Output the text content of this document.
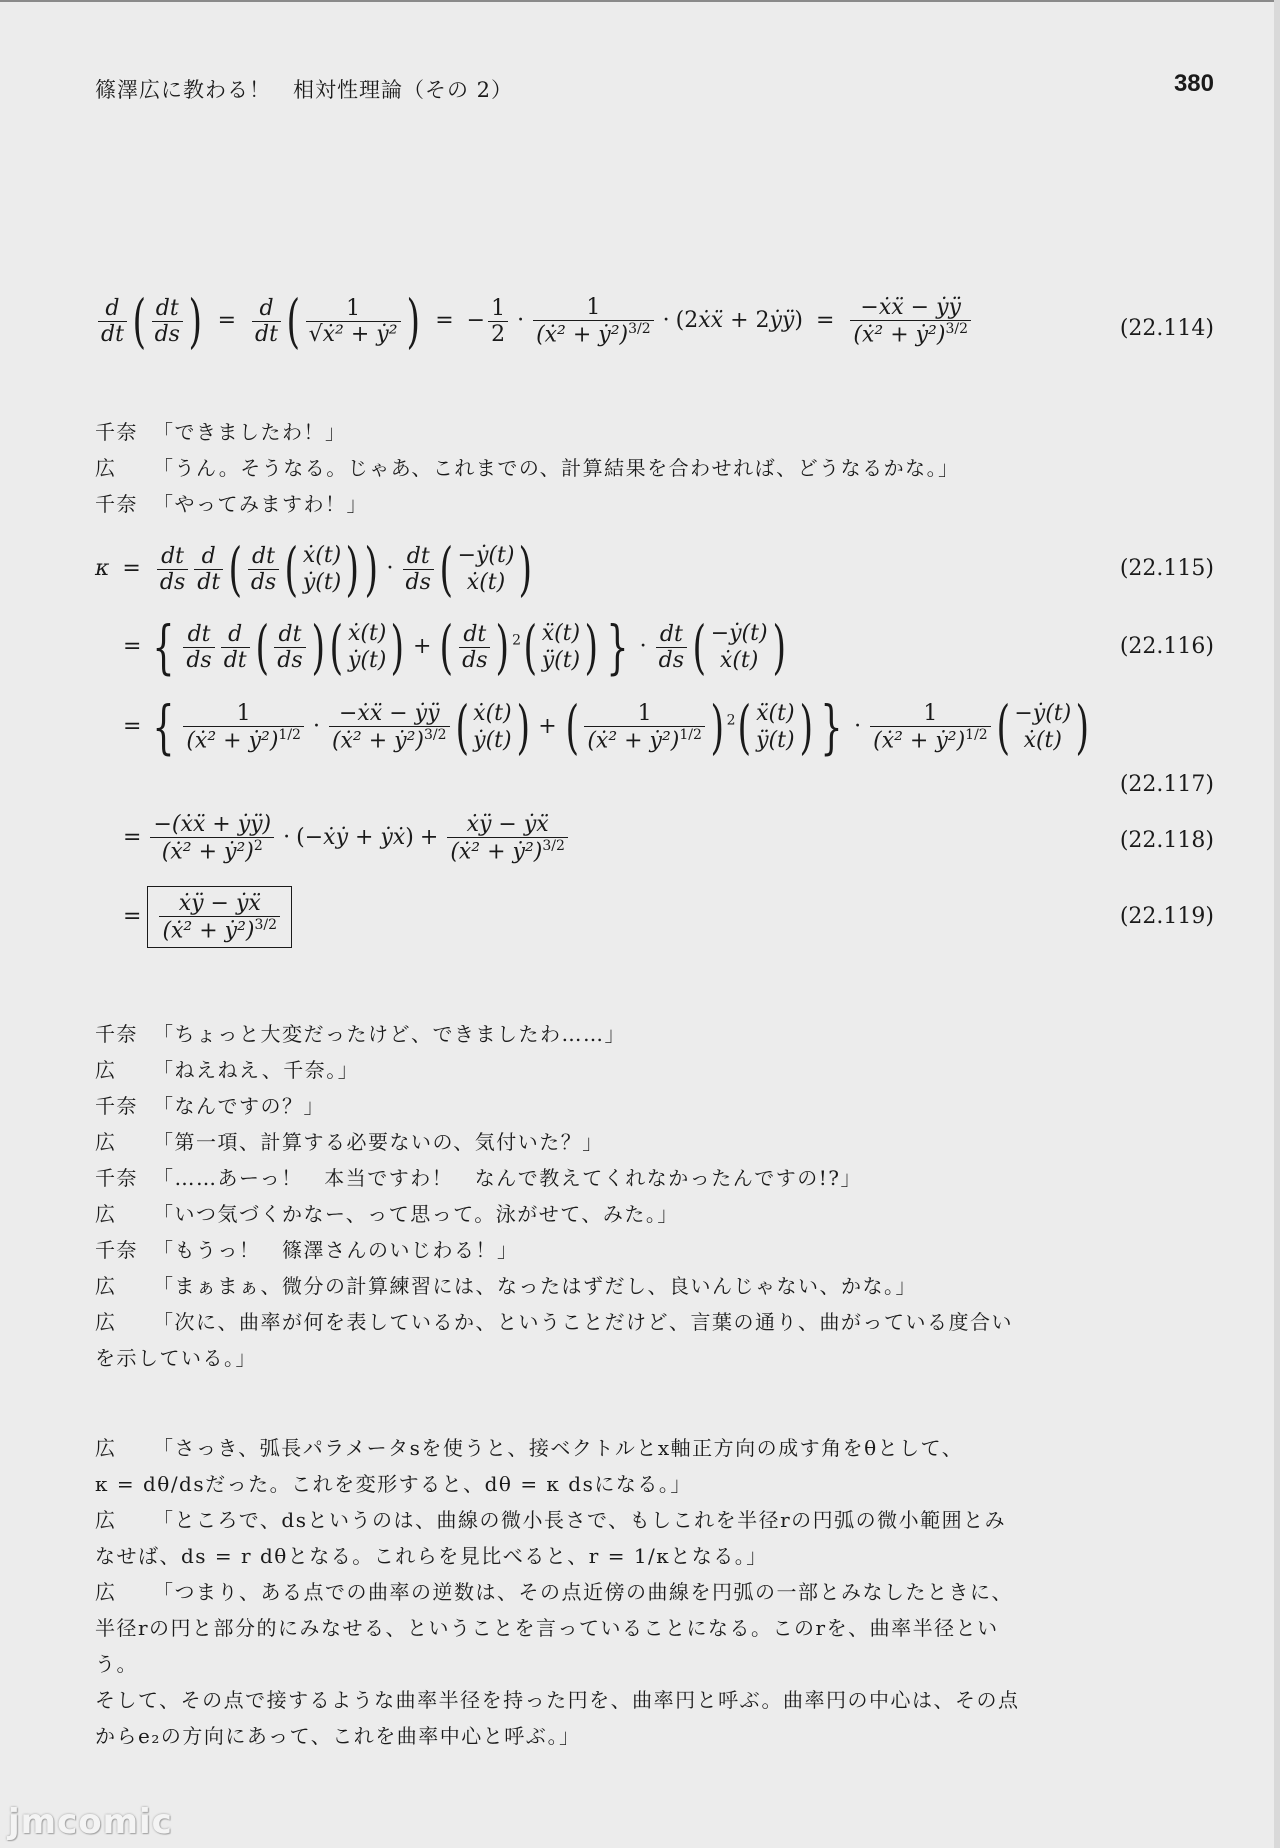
篠澤広に教わる！　相対性理論（その 2）	380
$\frac{d}{dt}$ ( $\frac{dt}{ds}$ ) = $\frac{d}{dt}$ ( $\frac{1}{\text{√ẋ² + ẏ²}}$ ) = − $\frac{1}{2} \cdot \frac{1}{(ẋ^2 + ẏ^2)^{3/2}}$ · (2ẋẍ + 2ẏÿ) = $\frac{\text{−ẋẍ − ẏÿ}}{(ẋ^2 + ẏ^2)^{3/2}}$	(22.114)
千奈 「できましたわ！」
広 「うん。そうなる。じゃあ、これまでの、計算結果を合わせれば、どうなるかな。」
千奈 「やってみますわ！」
$\kappa = \frac{dt}{ds} \frac{d}{dt}$ ( $\frac{dt}{ds}$ ( ẋ(t)
ẏ(t) )) · $\frac{dt}{ds}$ ( −ẏ(t)
ẋ(t) )	(22.115)
= { $\frac{dt}{ds} \frac{d}{dt}$ ( $\frac{dt}{ds}$ )( ẋ(t)
ẏ(t) ) + ( $\frac{dt}{ds}$ ) $^2$( ẍ(t)
ÿ(t) ) } · $\frac{dt}{ds}$ ( −ẏ(t)
ẋ(t) )	(22.116)
= { $\frac{1}{(ẋ^2 + ẏ^2)^{1/2}} \cdot \frac{\text{−ẋẍ − ẏÿ}}{(ẋ^2 + ẏ^2)^{3/2}}$ ( ẋ(t)
ẏ(t) ) + ( $\frac{1}{(ẋ^2 + ẏ^2)^{1/2}}$ ) $^2$( ẍ(t)
ÿ(t) ) } · $\frac{1}{(ẋ^2 + ẏ^2)^{1/2}}$ ( −ẏ(t)
ẋ(t) )
(22.117)
= $\frac{\text{−(ẋẍ + ẏÿ)}}{(ẋ^2 + ẏ^2)^2}$ · (−ẋẏ + ẏẋ) + $\frac{\text{ẋÿ − ẏẍ}}{(ẋ^2 + ẏ^2)^{3/2}}$	(22.118)
= $\frac{\text{ẋÿ − ẏẍ}}{(ẋ^2 + ẏ^2)^{3/2}}$	(22.119)
千奈 「ちょっと大変だったけど、できましたわ……」
広 「ねえねえ、千奈。」
千奈 「なんですの？」
広 「第一項、計算する必要ないの、気付いた？」
千奈 「……あーっ！　本当ですわ！　なんで教えてくれなかったんですの!?」
広 「いつ気づくかなー、って思って。泳がせて、みた。」
千奈 「もうっ！　篠澤さんのいじわる！」
広 「まぁまぁ、微分の計算練習には、なったはずだし、良いんじゃない、かな。」
広 「次に、曲率が何を表しているか、ということだけど、言葉の通り、曲がっている度合い
を示している。」
広 「さっき、弧長パラメータsを使うと、接ベクトルとx軸正方向の成す角をθとして、
κ = dθ/dsだった。これを変形すると、dθ = κ dsになる。」
広 「ところで、dsというのは、曲線の微小長さで、もしこれを半径rの円弧の微小範囲とみ
なせば、ds = r dθとなる。これらを見比べると、r = 1/κとなる。」
広 「つまり、ある点での曲率の逆数は、その点近傍の曲線を円弧の一部とみなしたときに、
半径rの円と部分的にみなせる、ということを言っていることになる。このrを、曲率半径という。
そして、その点で接するような曲率半径を持った円を、曲率円と呼ぶ。曲率円の中心は、その点
からe₂の方向にあって、これを曲率中心と呼ぶ。」
jmcomic
